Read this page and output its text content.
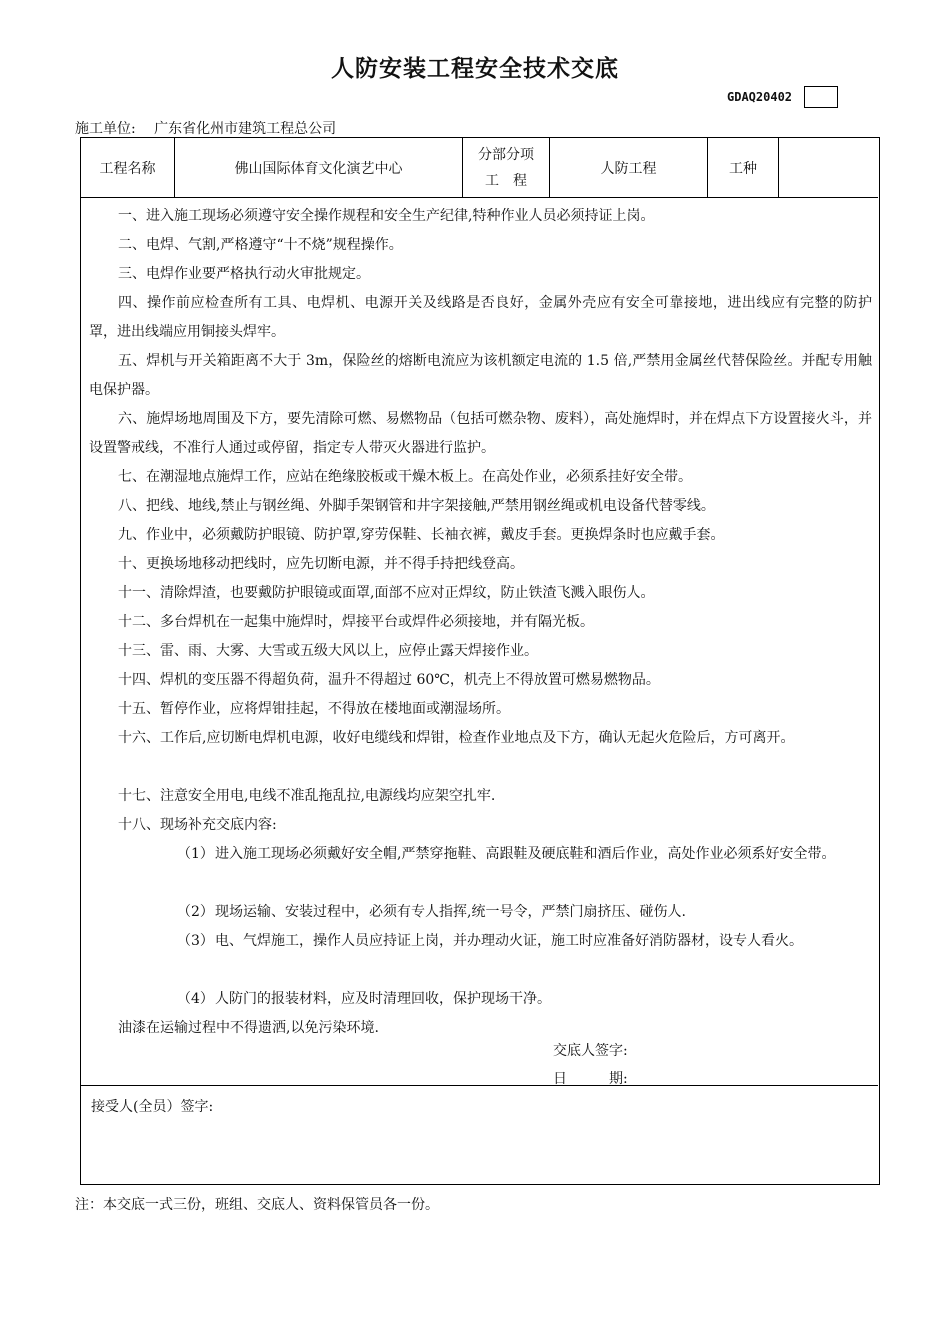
人防安装工程安全技术交底
GDAQ20402
施工单位: 广东省化州市建筑工程总公司
工程名称	佛山国际体育文化演艺中心
分部分项
工　程
人防工程	工种

一、进入施工现场必须遵守安全操作规程和安全生产纪律,特种作业人员必须持证上岗。

二、电焊、气割,严格遵守“十不烧”规程操作。

三、电焊作业要严格执行动火审批规定。

四、操作前应检查所有工具、电焊机、电源开关及线路是否良好，金属外壳应有安全可靠接地，进出线应有完整的防护罩，进出线端应用铜接头焊牢。

五、焊机与开关箱距离不大于 3m，保险丝的熔断电流应为该机额定电流的 1.5 倍,严禁用金属丝代替保险丝。并配专用触电保护器。

六、施焊场地周围及下方，要先清除可燃、易燃物品（包括可燃杂物、废料），高处施焊时，并在焊点下方设置接火斗，并设置警戒线，不准行人通过或停留，指定专人带灭火器进行监护。

七、在潮湿地点施焊工作，应站在绝缘胶板或干燥木板上。在高处作业，必须系挂好安全带。

八、把线、地线,禁止与钢丝绳、外脚手架钢管和井字架接触,严禁用钢丝绳或机电设备代替零线。

九、作业中，必须戴防护眼镜、防护罩,穿劳保鞋、长袖衣裤，戴皮手套。更换焊条时也应戴手套。

十、更换场地移动把线时，应先切断电源，并不得手持把线登高。

十一、清除焊渣，也要戴防护眼镜或面罩,面部不应对正焊纹，防止铁渣飞溅入眼伤人。

十二、多台焊机在一起集中施焊时，焊接平台或焊件必须接地，并有隔光板。

十三、雷、雨、大雾、大雪或五级大风以上，应停止露天焊接作业。

十四、焊机的变压器不得超负荷，温升不得超过 60℃，机壳上不得放置可燃易燃物品。

十五、暂停作业，应将焊钳挂起，不得放在楼地面或潮湿场所。

十六、工作后,应切断电焊机电源，收好电缆线和焊钳，检查作业地点及下方，确认无起火危险后，方可离开。

十七、注意安全用电,电线不准乱拖乱拉,电源线均应架空扎牢.

十八、现场补充交底内容:

（1）进入施工现场必须戴好安全帽,严禁穿拖鞋、高跟鞋及硬底鞋和酒后作业，高处作业必须系好安全带。

（2）现场运输、安装过程中，必须有专人指挥,统一号令，严禁门扇挤压、碰伤人.

（3）电、气焊施工，操作人员应持证上岗，并办理动火证，施工时应准备好消防器材，设专人看火。

（4）人防门的报装材料，应及时清理回收，保护现场干净。

油漆在运输过程中不得遗洒,以免污染环境.

交底人签字:
日　　　期:
接受人(全员）签字:
注：本交底一式三份，班组、交底人、资料保管员各一份。
